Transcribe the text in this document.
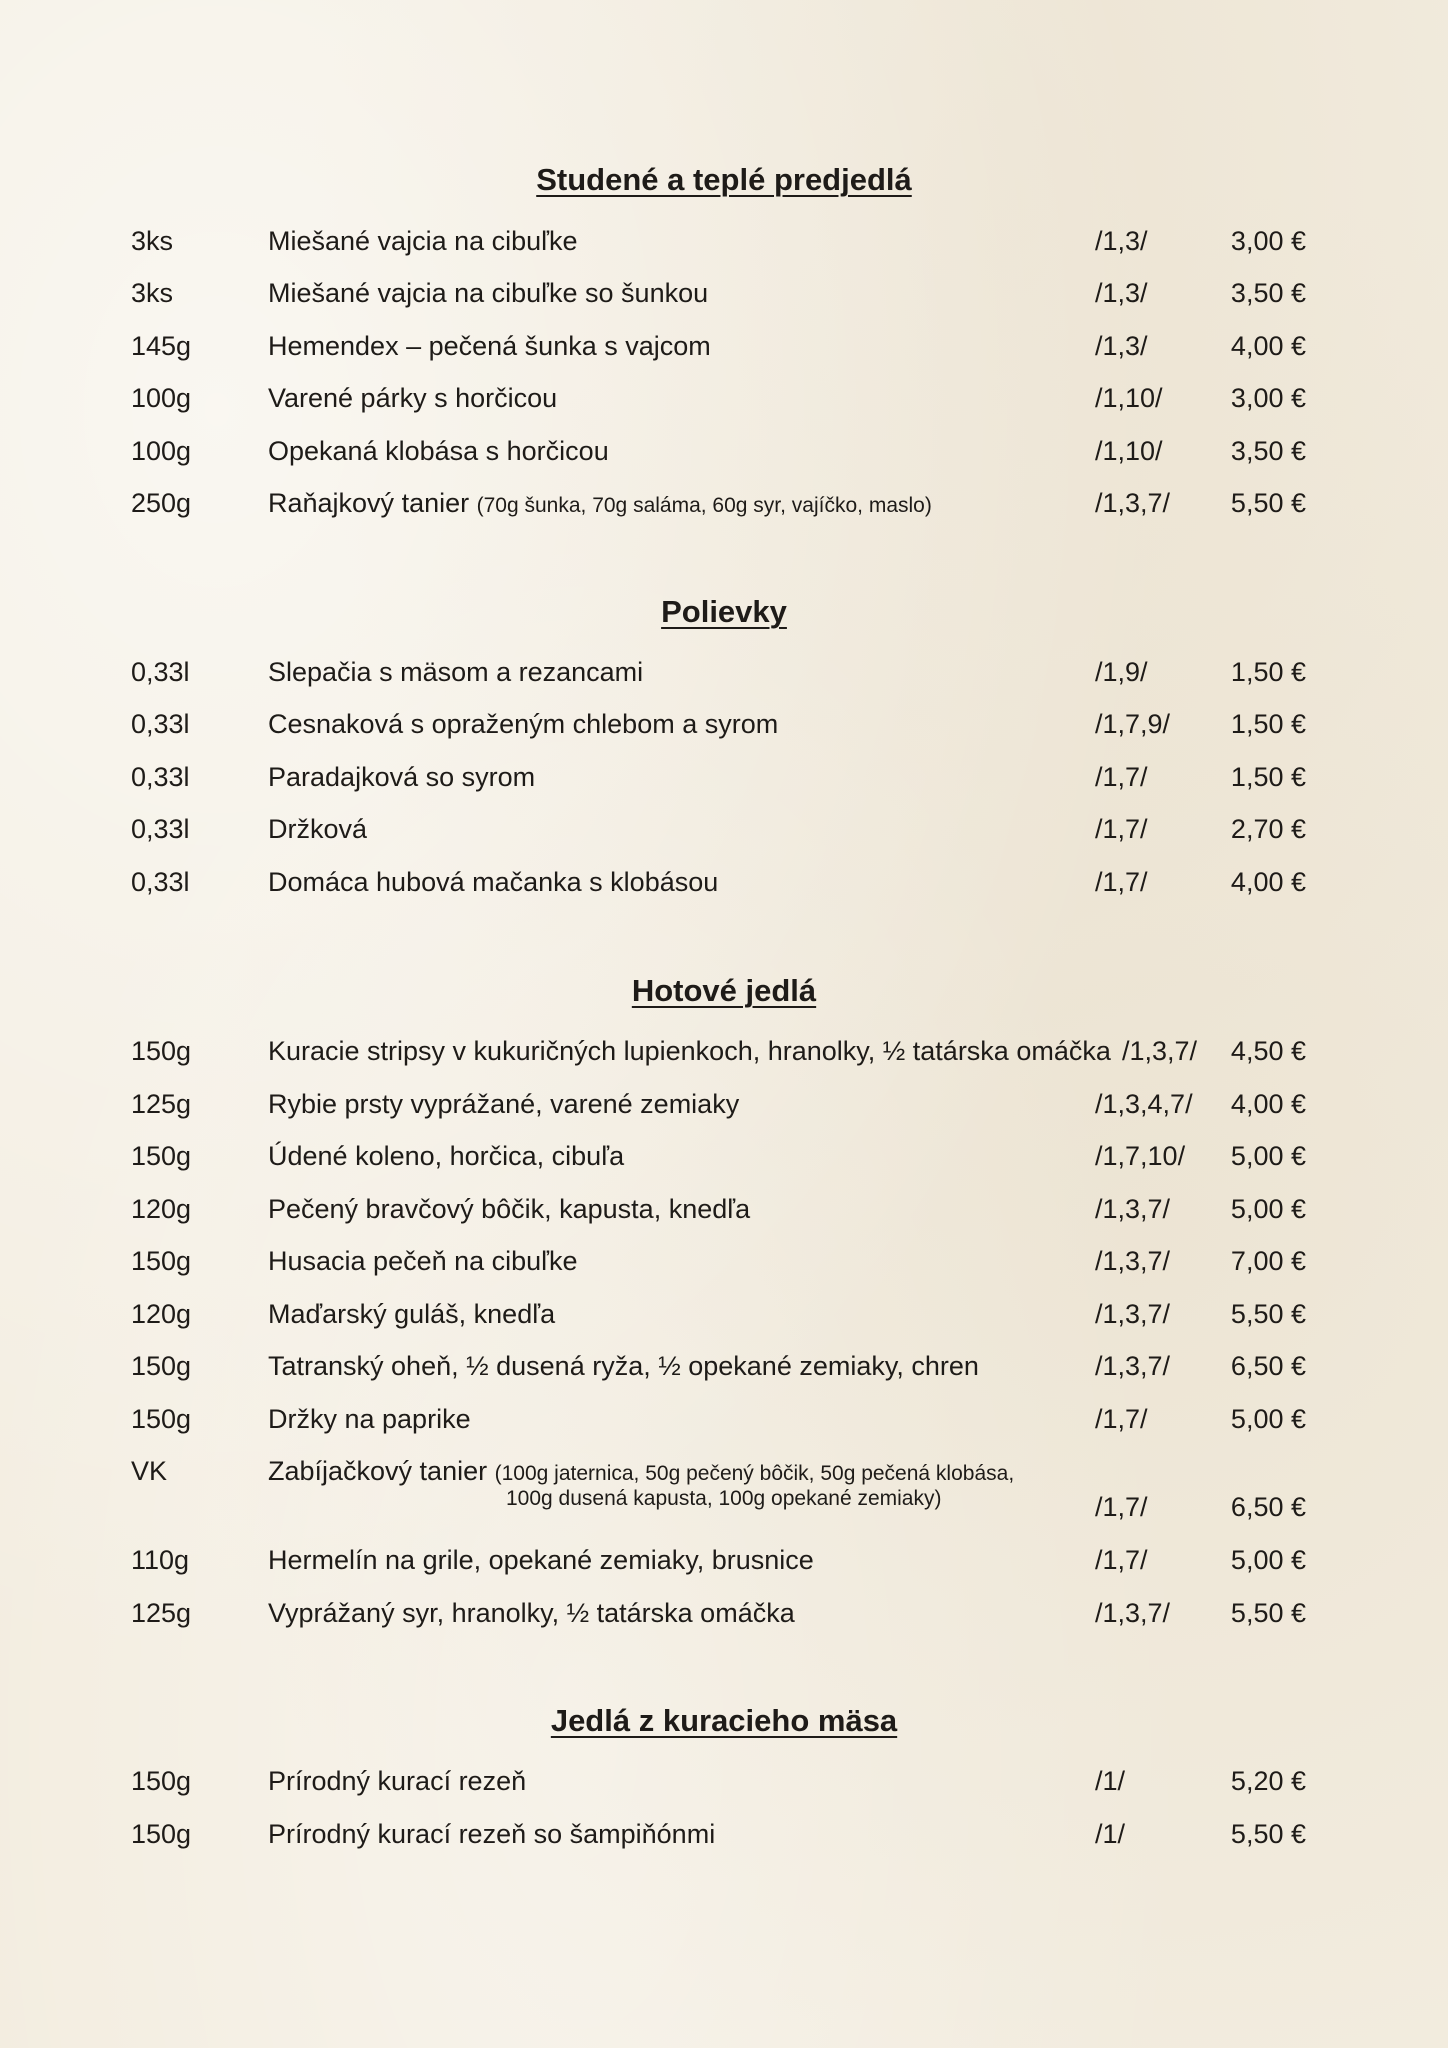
Studené a teplé predjedlá
3ks	Miešané vajcia na cibuľke	/1,3/	3,00 €
3ks	Miešané vajcia na cibuľke so šunkou	/1,3/	3,50 €
145g	Hemendex – pečená šunka s vajcom	/1,3/	4,00 €
100g	Varené párky s horčicou	/1,10/	3,00 €
100g	Opekaná klobása s horčicou	/1,10/	3,50 €
250g	Raňajkový tanier (70g šunka, 70g saláma, 60g syr, vajíčko, maslo)	/1,3,7/ 5,50 €
Polievky
0,33l	Slepačia s mäsom a rezancami	/1,9/	1,50 €
0,33l	Cesnaková s opraženým chlebom a syrom	/1,7,9/ 1,50 €
0,33l	Paradajková so syrom	/1,7/	1,50 €
0,33l	Držková	/1,7/	2,70 €
0,33l	Domáca hubová mačanka s klobásou	/1,7/	4,00 €
Hotové jedlá
150g	Kuracie stripsy v kukuričných lupienkoch, hranolky, ½ tatárska omáčka /1,3,7/ 4,50 €
125g	Rybie prsty vyprážané, varené zemiaky	/1,3,4,7/ 4,00 €
150g	Údené koleno, horčica, cibuľa	/1,7,10/ 5,00 €
120g	Pečený bravčový bôčik, kapusta, knedľa	/1,3,7/ 5,00 €
150g	Husacia pečeň na cibuľke	/1,3,7/ 7,00 €
120g	Maďarský guláš, knedľa	/1,3,7/ 5,50 €
150g	Tatranský oheň, ½ dusená ryža, ½ opekané zemiaky, chren	/1,3,7/ 6,50 €
150g	Držky na paprike	/1,7/	5,00 €
VK	Zabíjačkový tanier (100g jaternica, 50g pečený bôčik, 50g pečená klobása,
100g dusená kapusta, 100g opekané zemiaky)	/1,7/	6,50 €
110g	Hermelín na grile, opekané zemiaky, brusnice	/1,7/	5,00 €
125g	Vyprážaný syr, hranolky, ½ tatárska omáčka	/1,3,7/ 5,50 €
Jedlá z kuracieho mäsa
150g	Prírodný kurací rezeň	/1/	5,20 €
150g	Prírodný kurací rezeň so šampiňónmi	/1/	5,50 €
